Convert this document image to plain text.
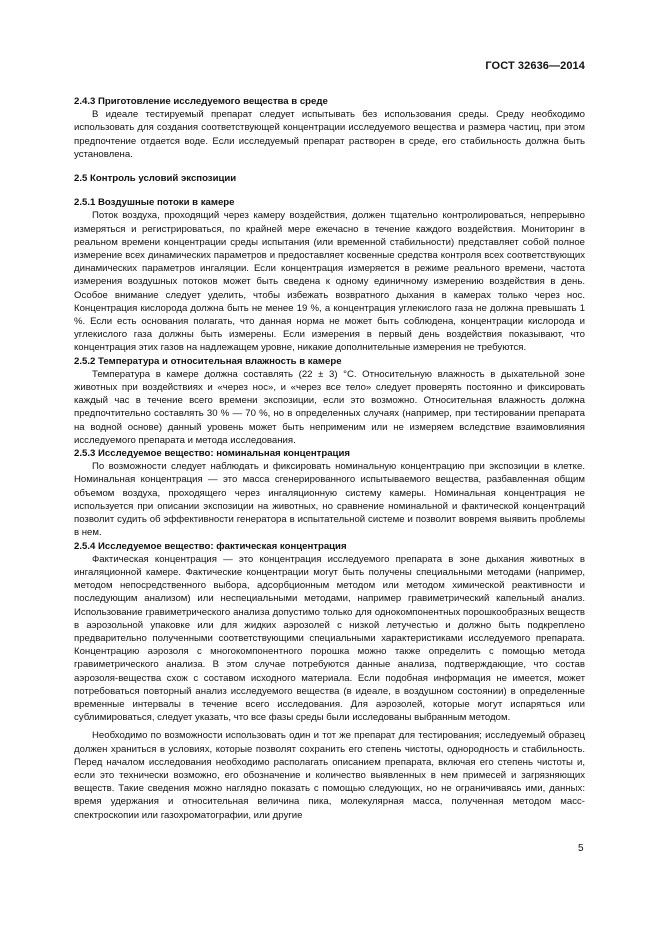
ГОСТ 32636—2014
2.4.3 Приготовление исследуемого вещества в среде

В идеале тестируемый препарат следует испытывать без использования среды. Среду необходимо использовать для создания соответствующей концентрации исследуемого вещества и размера частиц, при этом предпочтение отдается воде. Если исследуемый препарат растворен в среде, его стабильность должна быть установлена.

2.5 Контроль условий экспозиции
2.5.1 Воздушные потоки в камере

Поток воздуха, проходящий через камеру воздействия, должен тщательно контролироваться, непрерывно измеряться и регистрироваться, по крайней мере ежечасно в течение каждого воздействия. Мониторинг в реальном времени концентрации среды испытания (или временной стабильности) представляет собой полное измерение всех динамических параметров и предоставляет косвенные средства контроля всех соответствующих динамических параметров ингаляции. Если концентрация измеряется в режиме реального времени, частота измерения воздушных потоков может быть сведена к одному единичному измерению воздействия в день. Особое внимание следует уделить, чтобы избежать возвратного дыхания в камерах только через нос. Концентрация кислорода должна быть не менее 19 %, а концентрация углекислого газа не должна превышать 1 %. Если есть основания полагать, что данная норма не может быть соблюдена, концентрации кислорода и углекислого газа должны быть измерены. Если измерения в первый день воздействия показывают, что концентрация этих газов на надлежащем уровне, никакие дополнительные измерения не требуются.

2.5.2 Температура и относительная влажность в камере

Температура в камере должна составлять (22 ± 3) °С. Относительную влажность в дыхательной зоне животных при воздействиях и «через нос», и «через все тело» следует проверять постоянно и фиксировать каждый час в течение всего времени экспозиции, если это возможно. Относительная влажность должна предпочтительно составлять 30 % — 70 %, но в определенных случаях (например, при тестировании препарата на водной основе) данный уровень может быть неприменим или не измеряем вследствие взаимовлияния исследуемого препарата и метода исследования.

2.5.3 Исследуемое вещество: номинальная концентрация

По возможности следует наблюдать и фиксировать номинальную концентрацию при экспозиции в клетке. Номинальная концентрация — это масса сгенерированного испытываемого вещества, разбавленная общим объемом воздуха, проходящего через ингаляционную систему камеры. Номинальная концентрация не используется при описании экспозиции на животных, но сравнение номинальной и фактической концентраций позволит судить об эффективности генератора в испытательной системе и позволит вовремя выявить проблемы в нем.

2.5.4 Исследуемое вещество: фактическая концентрация

Фактическая концентрация — это концентрация исследуемого препарата в зоне дыхания животных в ингаляционной камере. Фактические концентрации могут быть получены специальными методами (например, методом непосредственного выбора, адсорбционным методом или методом химической реактивности и последующим анализом) или неспециальными методами, например гравиметрический капельный анализ. Использование гравиметрического анализа допустимо только для однокомпонентных порошкообразных веществ в аэрозольной упаковке или для жидких аэрозолей с низкой летучестью и должно быть подкреплено предварительно полученными соответствующими специальными характеристиками исследуемого препарата. Концентрацию аэрозоля с многокомпонентного порошка можно также определить с помощью метода гравиметрического анализа. В этом случае потребуются данные анализа, подтверждающие, что состав аэрозоля-вещества схож с составом исходного материала. Если подобная информация не имеется, может потребоваться повторный анализ исследуемого вещества (в идеале, в воздушном состоянии) в определенные временные интервалы в течение всего исследования. Для аэрозолей, которые могут испаряться или сублимироваться, следует указать, что все фазы среды были исследованы выбранным методом.

Необходимо по возможности использовать один и тот же препарат для тестирования; исследуемый образец должен храниться в условиях, которые позволят сохранить его степень чистоты, однородность и стабильность. Перед началом исследования необходимо располагать описанием препарата, включая его степень чистоты и, если это технически возможно, его обозначение и количество выявленных в нем примесей и загрязняющих веществ. Такие сведения можно наглядно показать с помощью следующих, но не ограничиваясь ими, данных: время удержания и относительная величина пика, молекулярная масса, полученная методом масс-спектроскопии или газохроматографии, или другие

5
